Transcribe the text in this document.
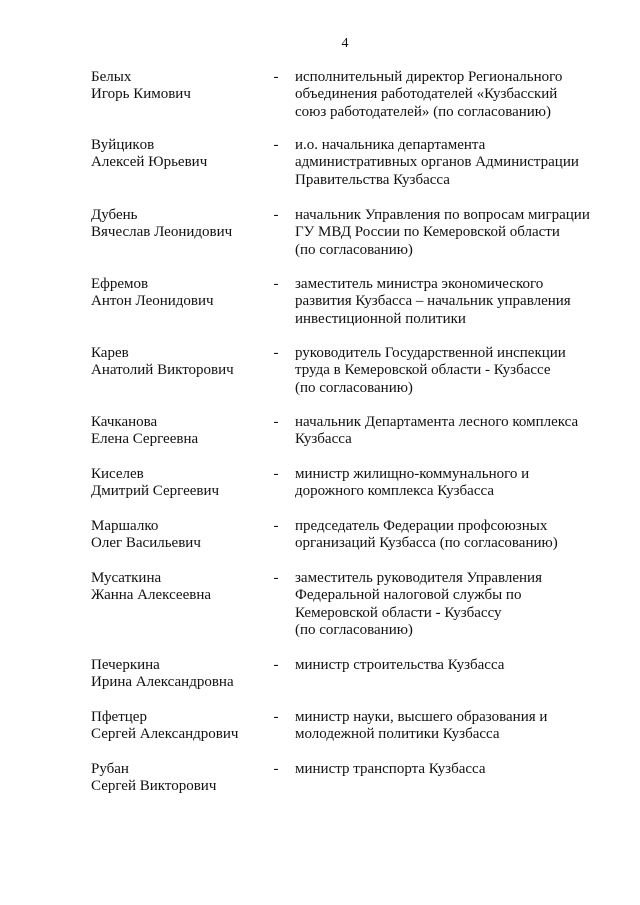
4
Белых
Игорь Кимович
- исполнительный директор Регионального
объединения работодателей «Кузбасский
союз работодателей» (по согласованию)
Вуйцикoв
Алексей Юрьевич
- и.о. начальника департамента
административных органов Администрации
Правительства Кузбасса
Дубень
Вячеслав Леонидович
- начальник Управления по вопросам миграции
ГУ МВД России по Кемеровской области
(по согласованию)
Ефремов
Антон Леонидович
- заместитель министра экономического
развития Кузбасса – начальник управления
инвестиционной политики
Карев
Анатолий Викторович
- руководитель Государственной инспекции
труда в Кемеровской области - Кузбассе
(по согласованию)
Качканова
Елена Сергеевна
- начальник Департамента лесного комплекса
Кузбасса
Киселев
Дмитрий Сергеевич
- министр жилищно-коммунального и
дорожного комплекса Кузбасса
Маршалко
Олег Васильевич
- председатель Федерации профсоюзных
организаций Кузбасса (по согласованию)
Мусаткина
Жанна Алексеевна
- заместитель руководителя Управления
Федеральной налоговой службы по
Кемеровской области - Кузбассу
(по согласованию)
Печеркина
Ирина Александровна
- министр строительства Кузбасса
Пфетцер
Сергей Александрович
- министр науки, высшего образования и
молодежной политики Кузбасса
Рубан
Сергей Викторович
- министр транспорта Кузбасса
